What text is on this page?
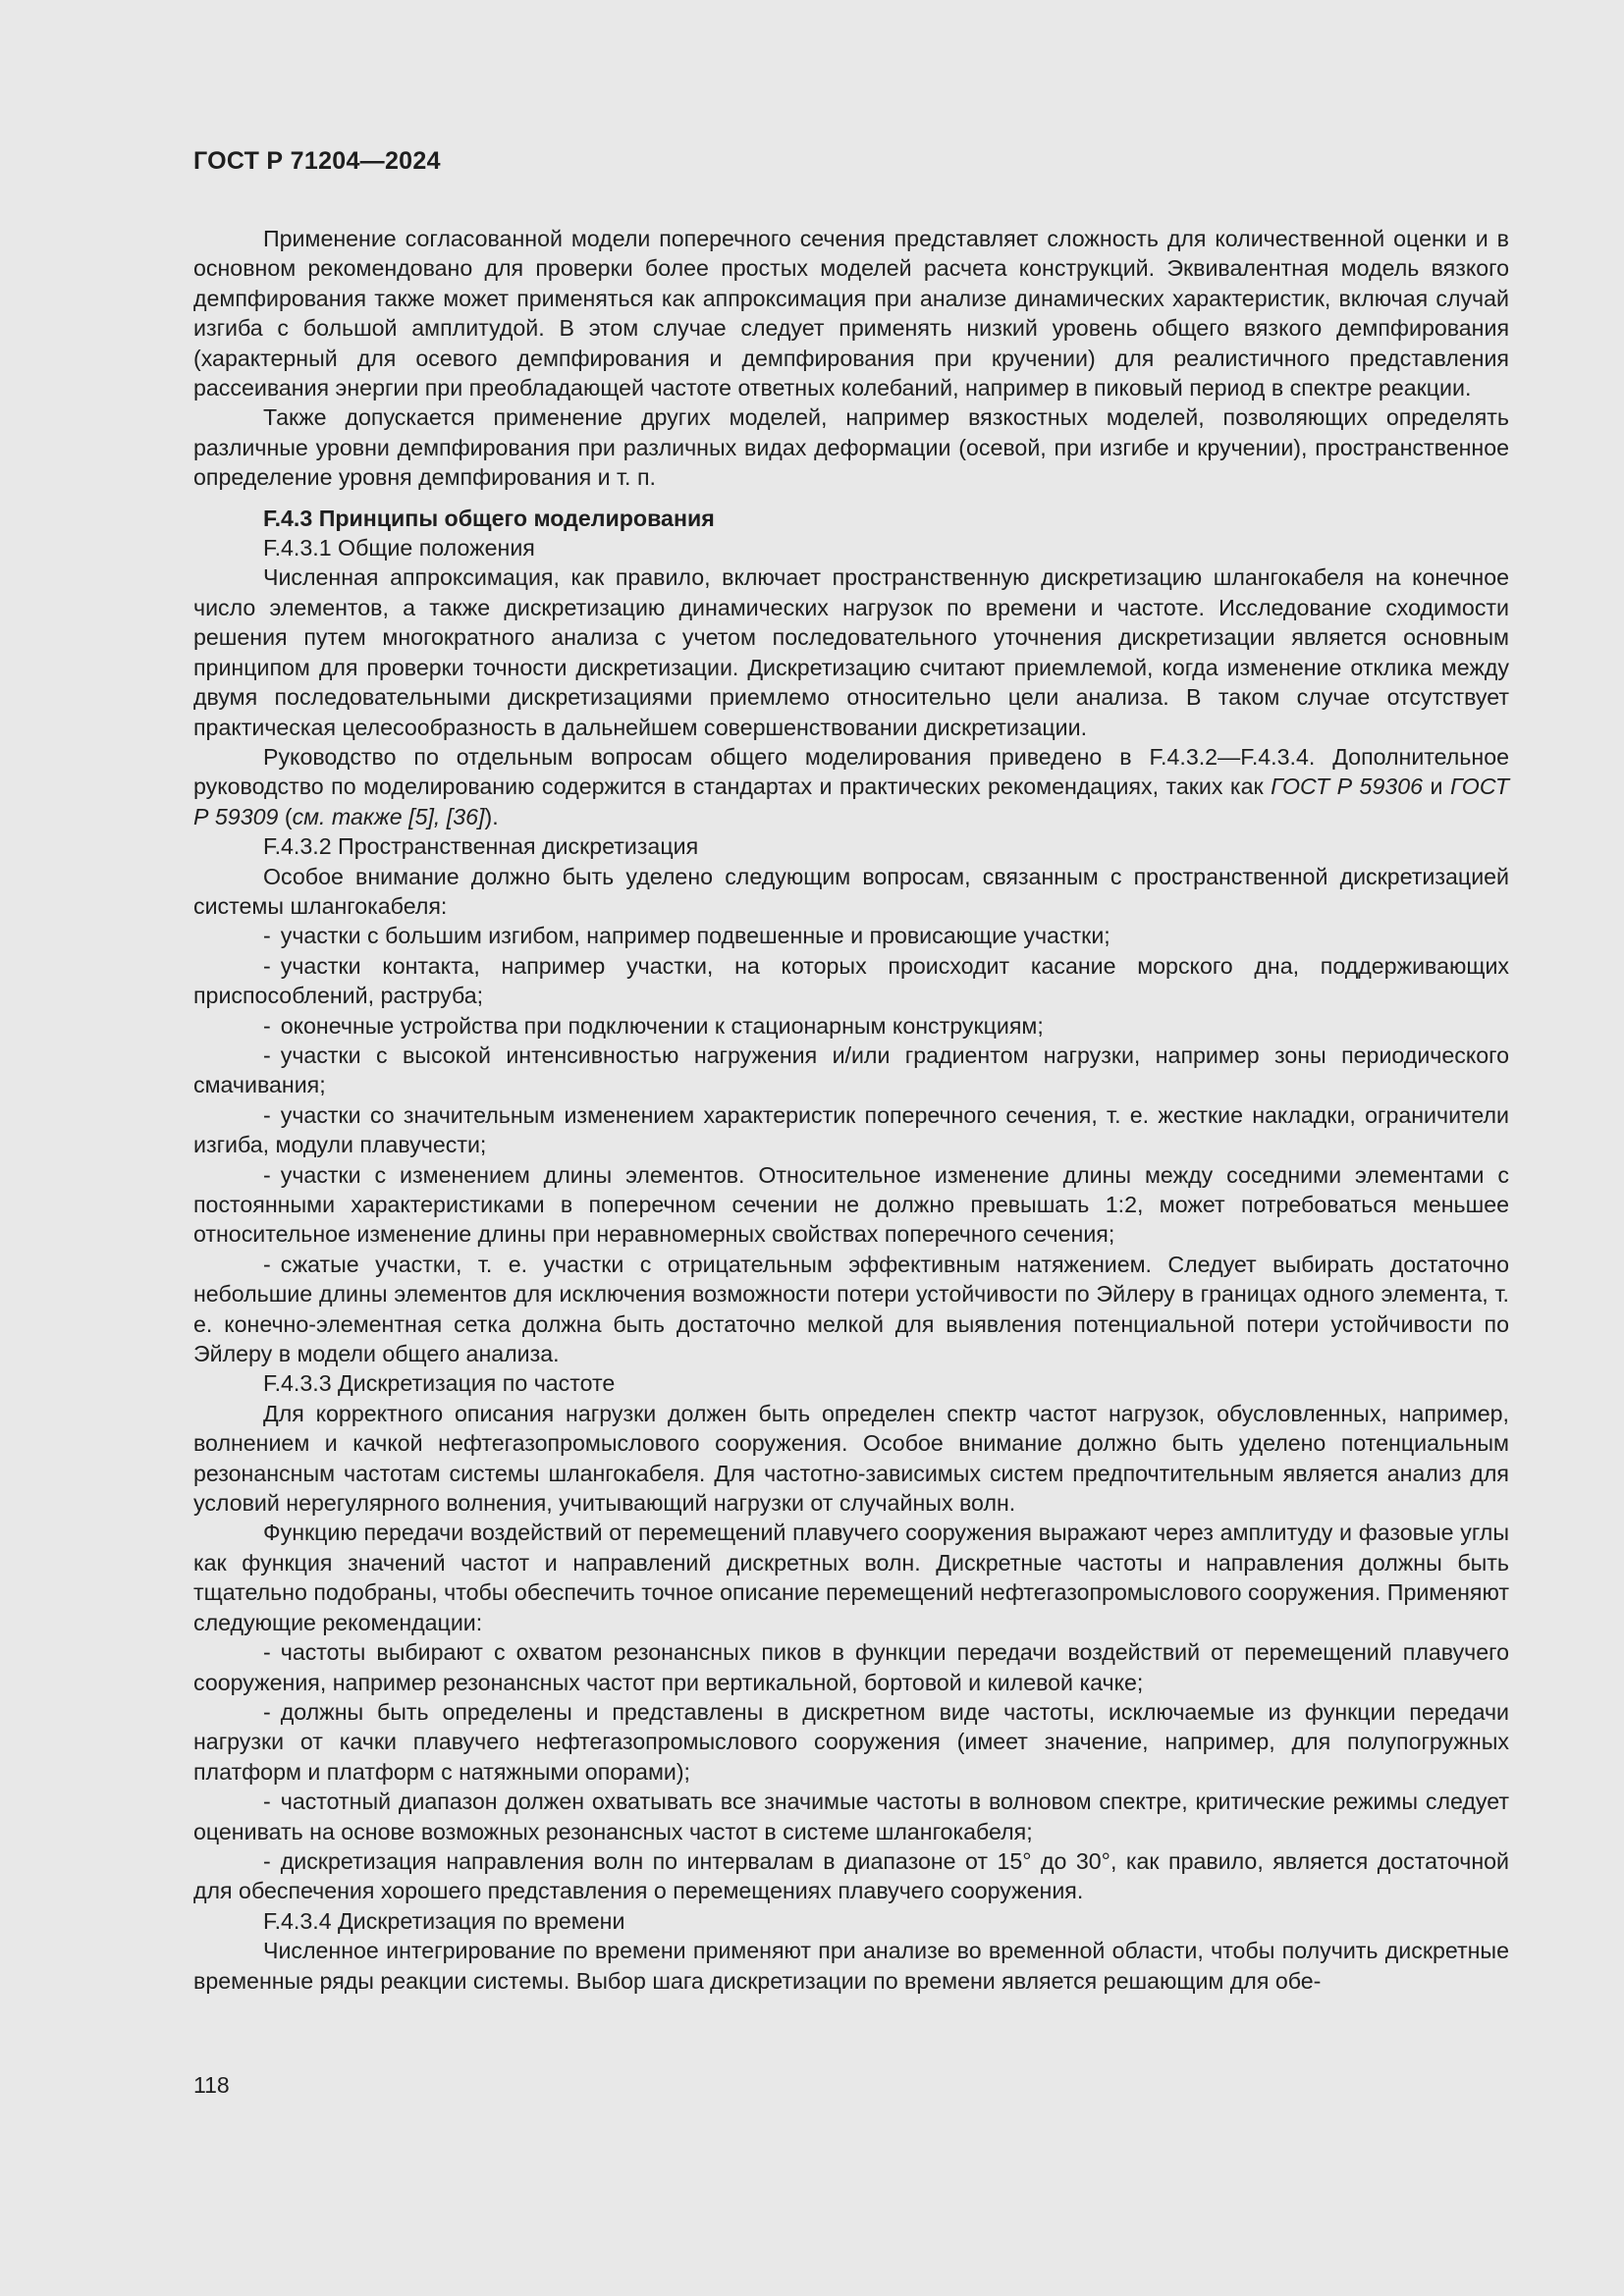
ГОСТ Р 71204—2024

Применение согласованной модели поперечного сечения представляет сложность для количественной оценки и в основном рекомендовано для проверки более простых моделей расчета конструкций. Эквивалентная модель вязкого демпфирования также может применяться как аппроксимация при анализе динамических характеристик, включая случай изгиба с большой амплитудой. В этом случае следует применять низкий уровень общего вязкого демпфирования (характерный для осевого демпфирования и демпфирования при кручении) для реалистичного представления рассеивания энергии при преобладающей частоте ответных колебаний, например в пиковый период в спектре реакции.

Также допускается применение других моделей, например вязкостных моделей, позволяющих определять различные уровни демпфирования при различных видах деформации (осевой, при изгибе и кручении), пространственное определение уровня демпфирования и т. п.

F.4.3 Принципы общего моделирования

F.4.3.1 Общие положения

Численная аппроксимация, как правило, включает пространственную дискретизацию шлангокабеля на конечное число элементов, а также дискретизацию динамических нагрузок по времени и частоте. Исследование сходимости решения путем многократного анализа с учетом последовательного уточнения дискретизации является основным принципом для проверки точности дискретизации. Дискретизацию считают приемлемой, когда изменение отклика между двумя последовательными дискретизациями приемлемо относительно цели анализа. В таком случае отсутствует практическая целесообразность в дальнейшем совершенствовании дискретизации.

Руководство по отдельным вопросам общего моделирования приведено в F.4.3.2—F.4.3.4. Дополнительное руководство по моделированию содержится в стандартах и практических рекомендациях, таких как ГОСТ Р 59306 и ГОСТ Р 59309 (см. также [5], [36]).

F.4.3.2 Пространственная дискретизация

Особое внимание должно быть уделено следующим вопросам, связанным с пространственной дискретизацией системы шлангокабеля:

- участки с большим изгибом, например подвешенные и провисающие участки;

- участки контакта, например участки, на которых происходит касание морского дна, поддерживающих приспособлений, раструба;

- оконечные устройства при подключении к стационарным конструкциям;

- участки с высокой интенсивностью нагружения и/или градиентом нагрузки, например зоны периодического смачивания;

- участки со значительным изменением характеристик поперечного сечения, т. е. жесткие накладки, ограничители изгиба, модули плавучести;

- участки с изменением длины элементов. Относительное изменение длины между соседними элементами с постоянными характеристиками в поперечном сечении не должно превышать 1:2, может потребоваться меньшее относительное изменение длины при неравномерных свойствах поперечного сечения;

- сжатые участки, т. е. участки с отрицательным эффективным натяжением. Следует выбирать достаточно небольшие длины элементов для исключения возможности потери устойчивости по Эйлеру в границах одного элемента, т. е. конечно-элементная сетка должна быть достаточно мелкой для выявления потенциальной потери устойчивости по Эйлеру в модели общего анализа.

F.4.3.3 Дискретизация по частоте

Для корректного описания нагрузки должен быть определен спектр частот нагрузок, обусловленных, например, волнением и качкой нефтегазопромыслового сооружения. Особое внимание должно быть уделено потенциальным резонансным частотам системы шлангокабеля. Для частотно-зависимых систем предпочтительным является анализ для условий нерегулярного волнения, учитывающий нагрузки от случайных волн.

Функцию передачи воздействий от перемещений плавучего сооружения выражают через амплитуду и фазовые углы как функция значений частот и направлений дискретных волн. Дискретные частоты и направления должны быть тщательно подобраны, чтобы обеспечить точное описание перемещений нефтегазопромыслового сооружения. Применяют следующие рекомендации:

- частоты выбирают с охватом резонансных пиков в функции передачи воздействий от перемещений плавучего сооружения, например резонансных частот при вертикальной, бортовой и килевой качке;

- должны быть определены и представлены в дискретном виде частоты, исключаемые из функции передачи нагрузки от качки плавучего нефтегазопромыслового сооружения (имеет значение, например, для полупогружных платформ и платформ с натяжными опорами);

- частотный диапазон должен охватывать все значимые частоты в волновом спектре, критические режимы следует оценивать на основе возможных резонансных частот в системе шлангокабеля;

- дискретизация направления волн по интервалам в диапазоне от 15° до 30°, как правило, является достаточной для обеспечения хорошего представления о перемещениях плавучего сооружения.

F.4.3.4 Дискретизация по времени

Численное интегрирование по времени применяют при анализе во временной области, чтобы получить дискретные временные ряды реакции системы. Выбор шага дискретизации по времени является решающим для обе-

118
